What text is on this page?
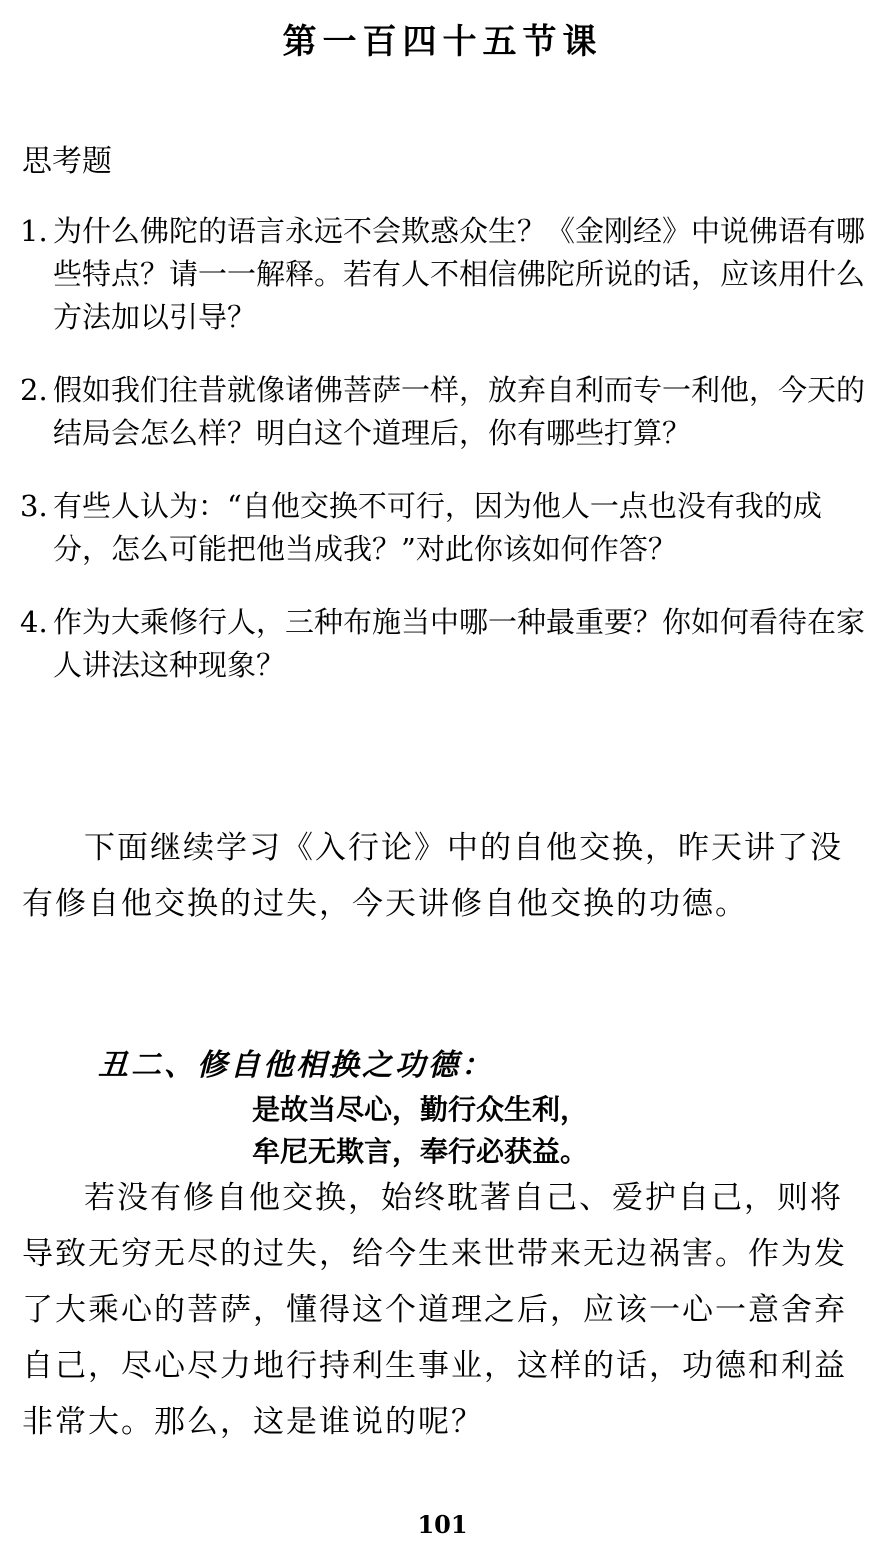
第一百四十五节课
思考题
1. 为什么佛陀的语言永远不会欺惑众生？《金刚经》中说佛语有哪些特点？请一一解释。若有人不相信佛陀所说的话，应该用什么方法加以引导？
2. 假如我们往昔就像诸佛菩萨一样，放弃自利而专一利他，今天的结局会怎么样？明白这个道理后，你有哪些打算？
3. 有些人认为：“自他交换不可行，因为他人一点也没有我的成分，怎么可能把他当成我？”对此你该如何作答？
4. 作为大乘修行人，三种布施当中哪一种最重要？你如何看待在家人讲法这种现象？

下面继续学习《入行论》中的自他交换，昨天讲了没有修自他交换的过失，今天讲修自他交换的功德。

丑二、修自他相换之功德：
是故当尽心，勤行众生利，
牟尼无欺言，奉行必获益。

若没有修自他交换，始终耽著自己、爱护自己，则将导致无穷无尽的过失，给今生来世带来无边祸害。作为发了大乘心的菩萨，懂得这个道理之后，应该一心一意舍弃自己，尽心尽力地行持利生事业，这样的话，功德和利益非常大。那么，这是谁说的呢？

101
